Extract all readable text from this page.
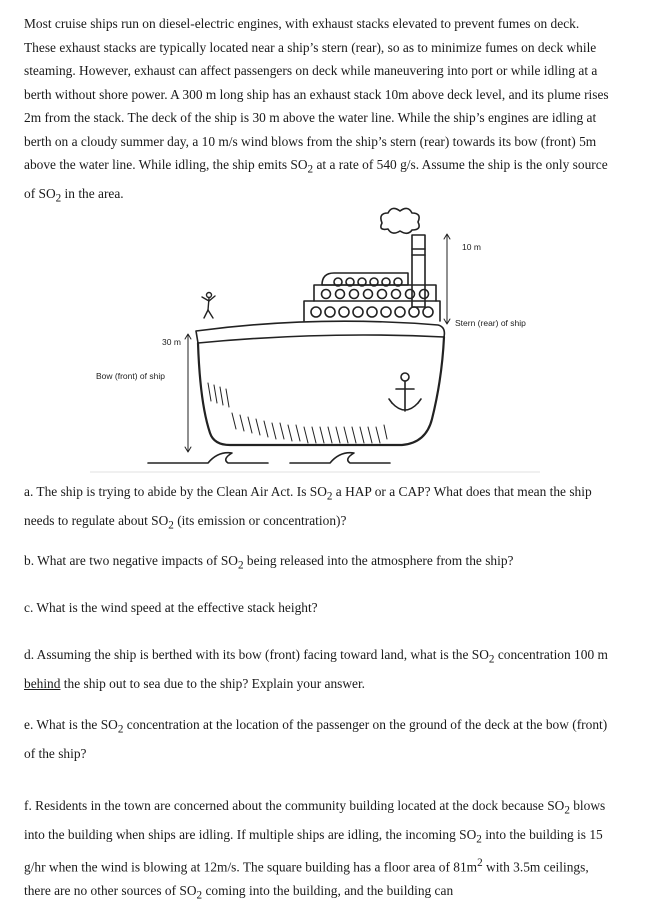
Most cruise ships run on diesel-electric engines, with exhaust stacks elevated to prevent fumes on deck. These exhaust stacks are typically located near a ship’s stern (rear), so as to minimize fumes on deck while steaming. However, exhaust can affect passengers on deck while maneuvering into port or while idling at a berth without shore power. A 300 m long ship has an exhaust stack 10m above deck level, and its plume rises 2m from the stack. The deck of the ship is 30 m above the water line. While the ship’s engines are idling at berth on a cloudy summer day, a 10 m/s wind blows from the ship’s stern (rear) towards its bow (front) 5m above the water line. While idling, the ship emits $SO_2$ at a rate of 540 g/s. Assume the ship is the only source of $SO_2$ in the area.

10 m
Stern (rear) of ship
30 m
Bow (front) of ship

a. The ship is trying to abide by the Clean Air Act. Is $SO_2$ a HAP or a CAP? What does that mean the ship needs to regulate about $SO_2$ (its emission or concentration)?

b. What are two negative impacts of $SO_2$ being released into the atmosphere from the ship?

c. What is the wind speed at the effective stack height?

d. Assuming the ship is berthed with its bow (front) facing toward land, what is the $SO_2$ concentration 100 m behind the ship out to sea due to the ship? Explain your answer.

e. What is the $SO_2$ concentration at the location of the passenger on the ground of the deck at the bow (front) of the ship?

f. Residents in the town are concerned about the community building located at the dock because $SO_2$ blows into the building when ships are idling. If multiple ships are idling, the incoming $SO_2$ into the building is 15 g/hr when the wind is blowing at 12m/s. The square building has a floor area of $81m^2$ with 3.5m ceilings, there are no other sources of $SO_2$ coming into the building, and the building can
